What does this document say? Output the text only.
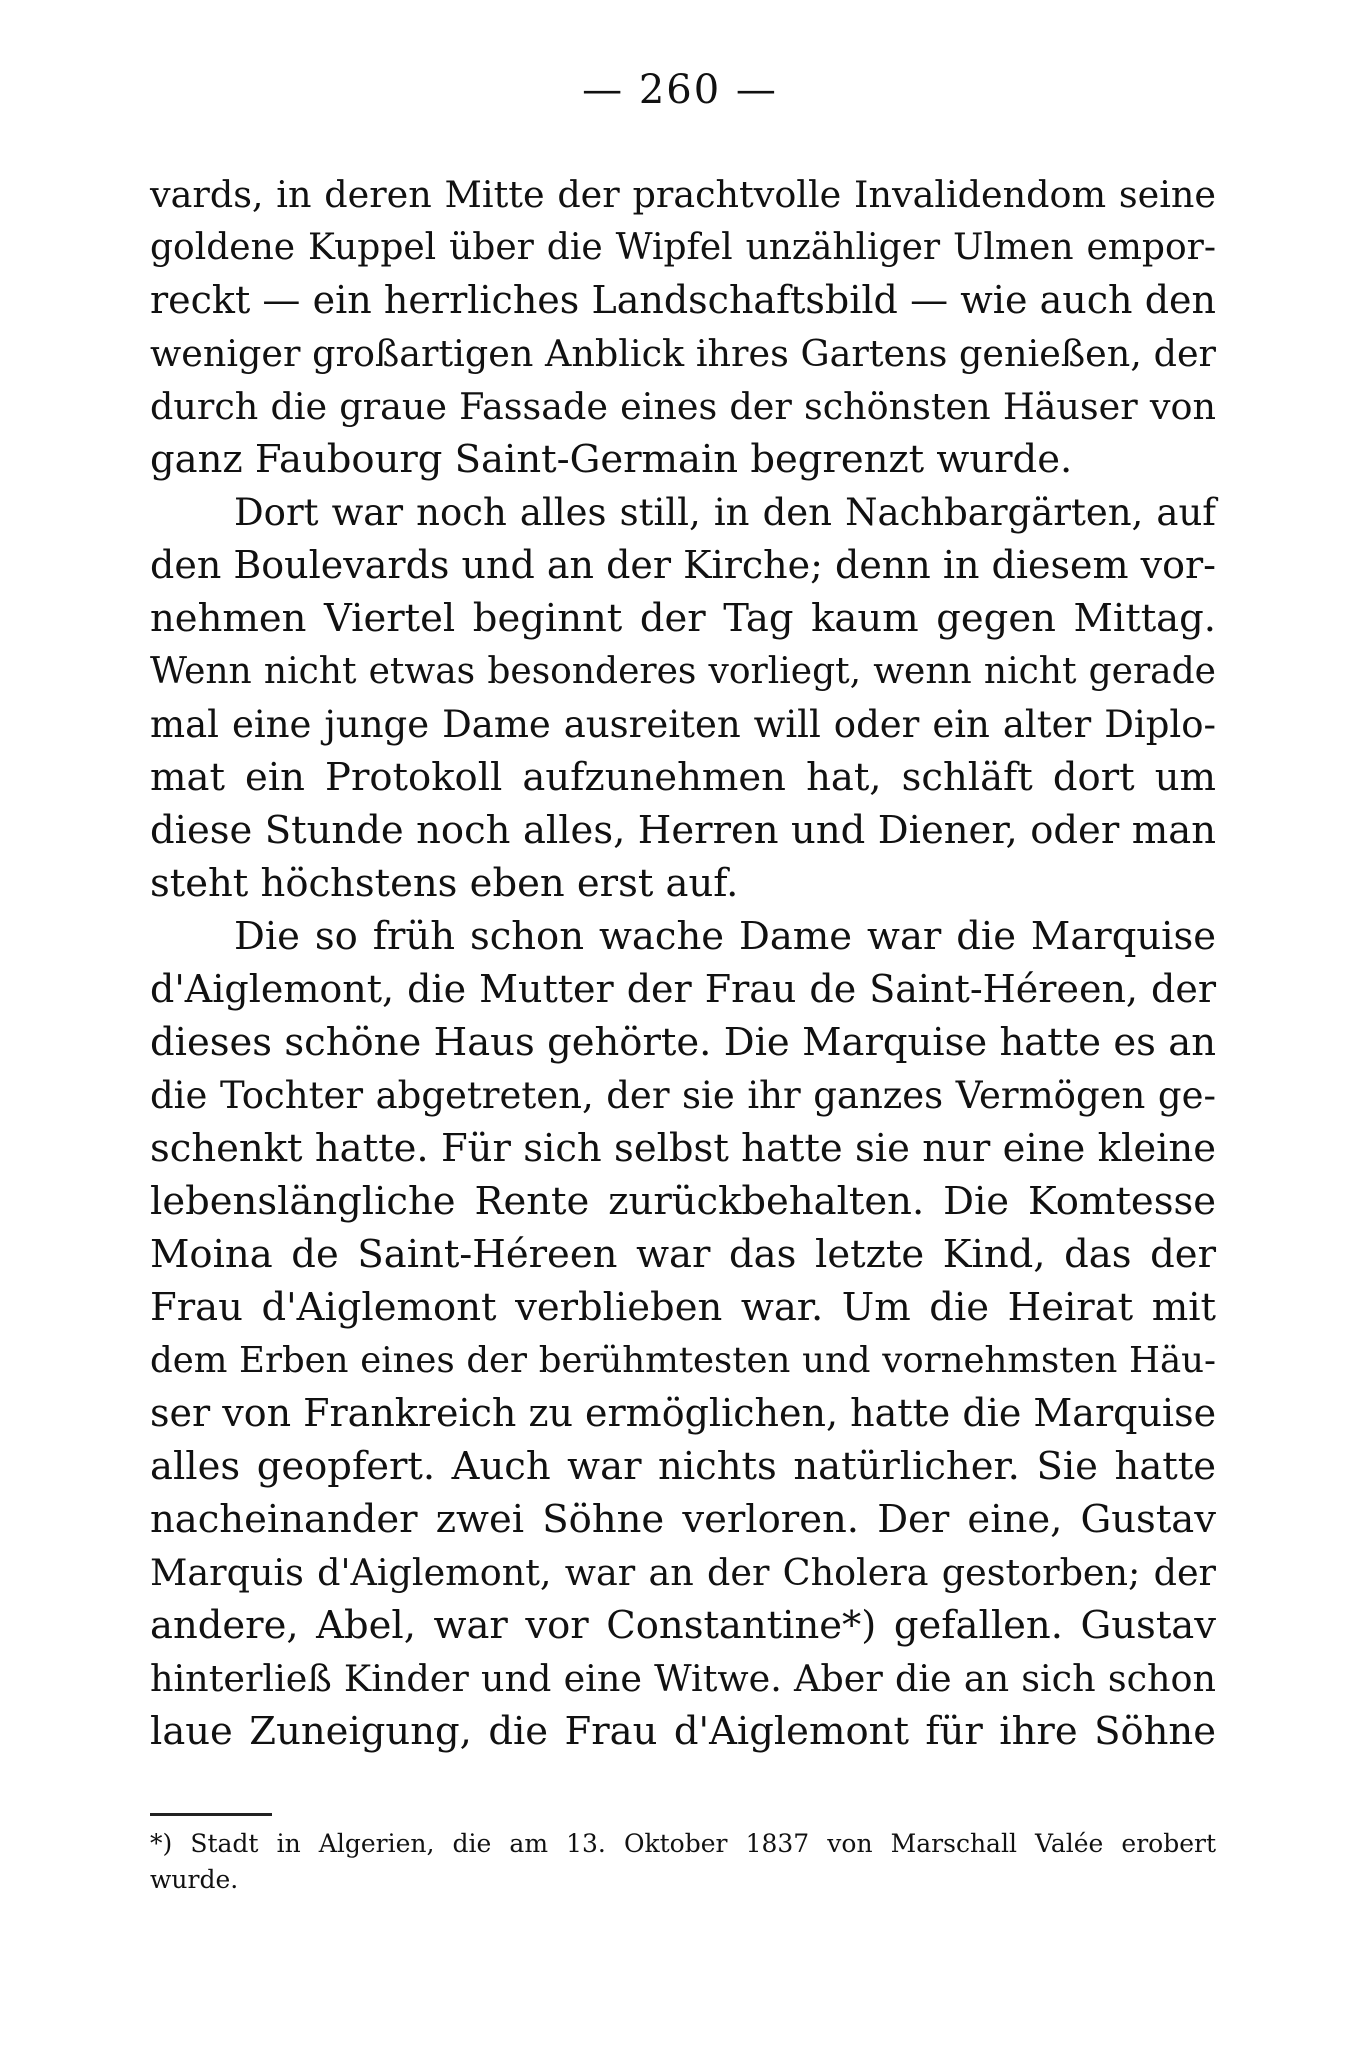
— 260 —
vards, in deren Mitte der prachtvolle Invalidendom seine
goldene Kuppel über die Wipfel unzähliger Ulmen empor-
reckt — ein herrliches Landschaftsbild — wie auch den
weniger großartigen Anblick ihres Gartens genießen, der
durch die graue Fassade eines der schönsten Häuser von
ganz Faubourg Saint-Germain begrenzt wurde.
Dort war noch alles still, in den Nachbargärten, auf
den Boulevards und an der Kirche; denn in diesem vor-
nehmen Viertel beginnt der Tag kaum gegen Mittag.
Wenn nicht etwas besonderes vorliegt, wenn nicht gerade
mal eine junge Dame ausreiten will oder ein alter Diplo-
mat ein Protokoll aufzunehmen hat, schläft dort um
diese Stunde noch alles, Herren und Diener, oder man
steht höchstens eben erst auf.
Die so früh schon wache Dame war die Marquise
d'Aiglemont, die Mutter der Frau de Saint-Héreen, der
dieses schöne Haus gehörte. Die Marquise hatte es an
die Tochter abgetreten, der sie ihr ganzes Vermögen ge-
schenkt hatte. Für sich selbst hatte sie nur eine kleine
lebenslängliche Rente zurückbehalten. Die Komtesse
Moina de Saint-Héreen war das letzte Kind, das der
Frau d'Aiglemont verblieben war. Um die Heirat mit
dem Erben eines der berühmtesten und vornehmsten Häu-
ser von Frankreich zu ermöglichen, hatte die Marquise
alles geopfert. Auch war nichts natürlicher. Sie hatte
nacheinander zwei Söhne verloren. Der eine, Gustav
Marquis d'Aiglemont, war an der Cholera gestorben; der
andere, Abel, war vor Constantine*) gefallen. Gustav
hinterließ Kinder und eine Witwe. Aber die an sich schon
laue Zuneigung, die Frau d'Aiglemont für ihre Söhne
*) Stadt in Algerien, die am 13. Oktober 1837 von Marschall Valée erobert
wurde.
